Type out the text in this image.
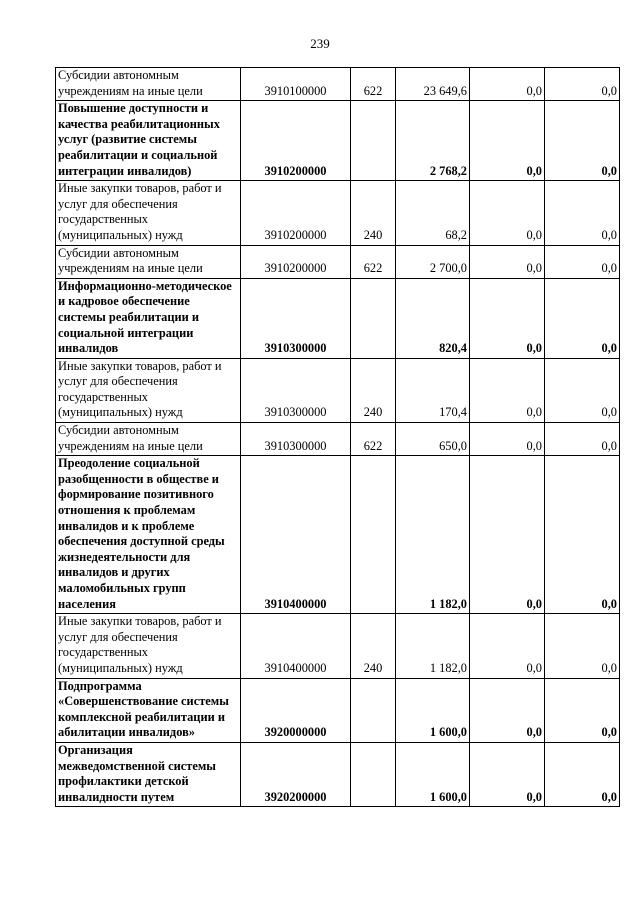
239
Субсидии автономным учреждениям на иные цели	3910100000	622	23 649,6	0,0	0,0
Повышение доступности и качества реабилитационных услуг (развитие системы реабилитации и социальной интеграции инвалидов)	3910200000		2 768,2	0,0	0,0
Иные закупки товаров, работ и услуг для обеспечения государственных (муниципальных) нужд	3910200000	240	68,2	0,0	0,0
Субсидии автономным учреждениям на иные цели	3910200000	622	2 700,0	0,0	0,0
Информационно-методическое и кадровое обеспечение системы реабилитации и социальной интеграции инвалидов	3910300000		820,4	0,0	0,0
Иные закупки товаров, работ и услуг для обеспечения государственных (муниципальных) нужд	3910300000	240	170,4	0,0	0,0
Субсидии автономным учреждениям на иные цели	3910300000	622	650,0	0,0	0,0
Преодоление социальной разобщенности в обществе и формирование позитивного отношения к проблемам инвалидов и к проблеме обеспечения доступной среды жизнедеятельности для инвалидов и других маломобильных групп населения	3910400000		1 182,0	0,0	0,0
Иные закупки товаров, работ и услуг для обеспечения государственных (муниципальных) нужд	3910400000	240	1 182,0	0,0	0,0
Подпрограмма «Совершенствование системы комплексной реабилитации и абилитации инвалидов»	3920000000		1 600,0	0,0	0,0
Организация межведомственной системы профилактики детской инвалидности путем	3920200000		1 600,0	0,0	0,0
